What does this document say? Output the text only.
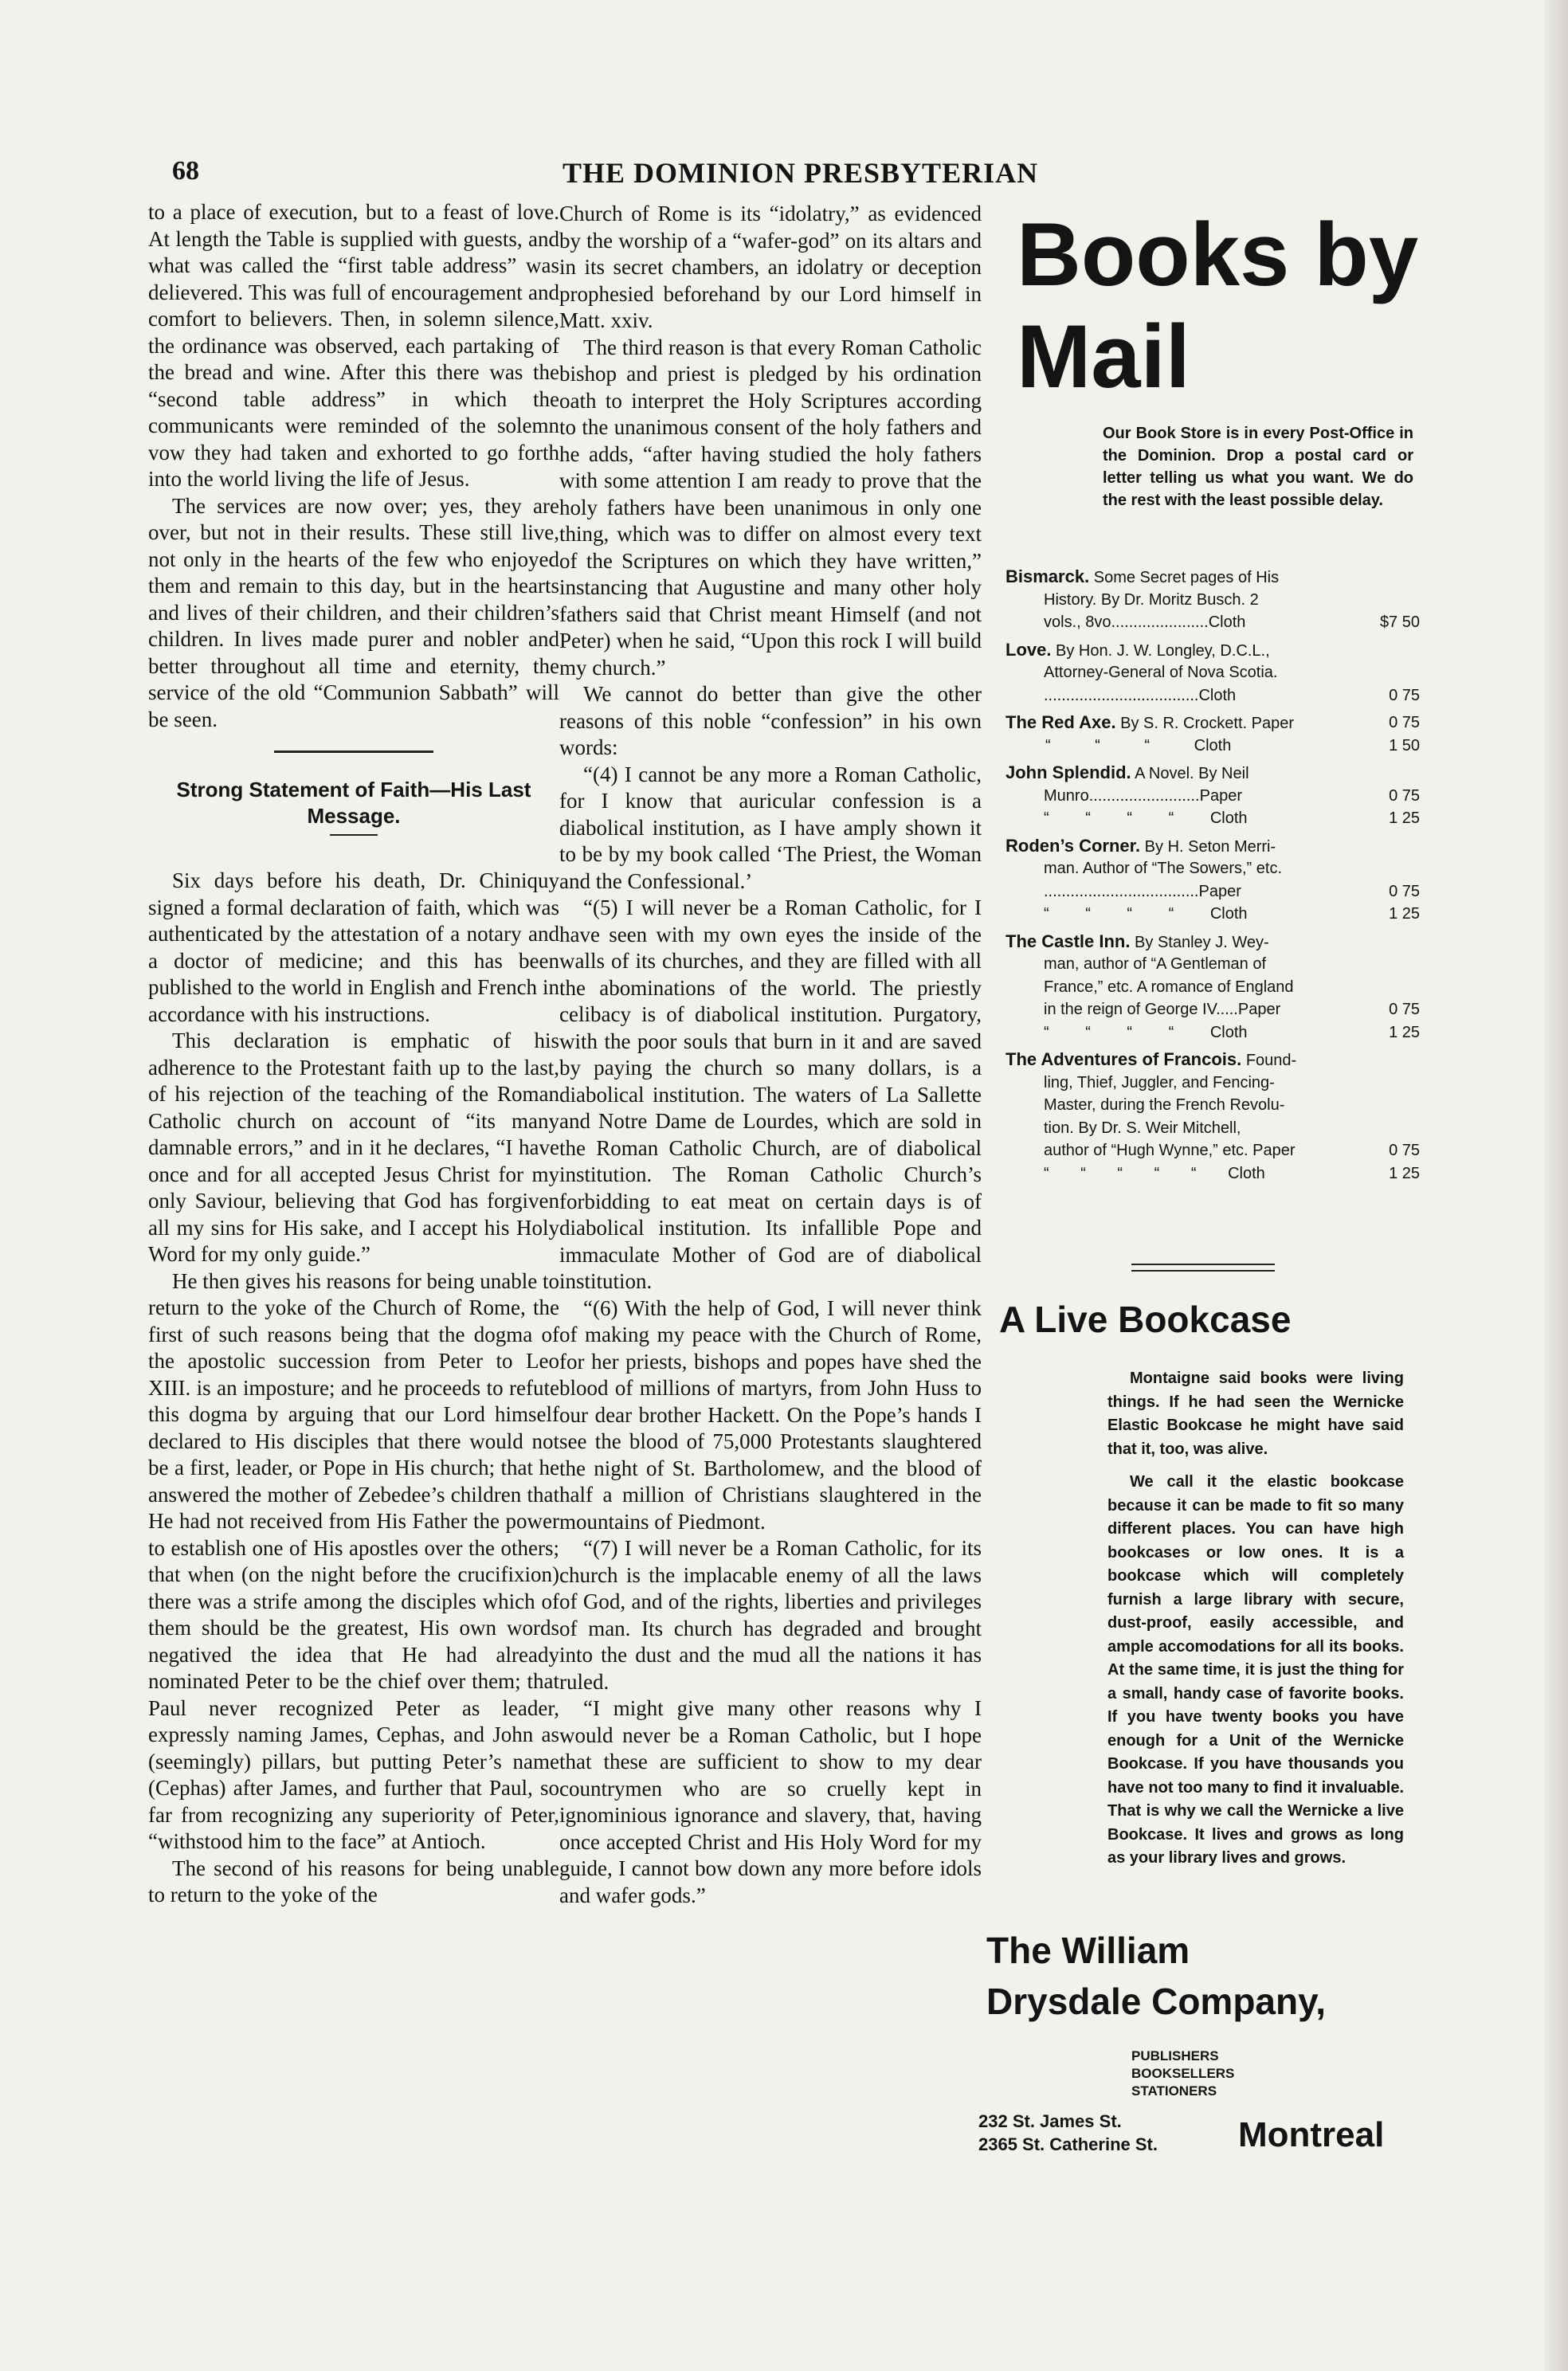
68	THE DOMINION PRESBYTERIAN

to a place of execution, but to a feast of love. At length the Table is supplied with guests, and what was called the “first table address” was delievered. This was full of encouragement and comfort to believers. Then, in solemn silence, the ordinance was observed, each partaking of the bread and wine. After this there was the “second table address” in which the communicants were reminded of the solemn vow they had taken and exhorted to go forth into the world living the life of Jesus.

The services are now over; yes, they are over, but not in their results. These still live, not only in the hearts of the few who enjoyed them and remain to this day, but in the hearts and lives of their children, and their children’s children. In lives made purer and nobler and better throughout all time and eternity, the service of the old “Communion Sabbath” will be seen.

Strong Statement of Faith—His Last
Message.

Six days before his death, Dr. Chiniquy signed a formal declaration of faith, which was authenticated by the attestation of a notary and a doctor of medicine; and this has been published to the world in English and French in accordance with his instructions.

This declaration is emphatic of his adherence to the Protestant faith up to the last, of his rejection of the teaching of the Roman Catholic church on account of “its many damnable errors,” and in it he declares, “I have once and for all accepted Jesus Christ for my only Saviour, believing that God has forgiven all my sins for His sake, and I accept his Holy Word for my only guide.”

He then gives his reasons for being unable to return to the yoke of the Church of Rome, the first of such reasons being that the dogma of the apostolic succession from Peter to Leo XIII. is an imposture; and he proceeds to refute this dogma by arguing that our Lord himself declared to His disciples that there would not be a first, leader, or Pope in His church; that he answered the mother of Zebedee’s children that He had not received from His Father the power to establish one of His apostles over the others; that when (on the night before the crucifixion) there was a strife among the disciples which of them should be the greatest, His own words negatived the idea that He had already nominated Peter to be the chief over them; that Paul never recognized Peter as leader, expressly naming James, Cephas, and John as (seemingly) pillars, but putting Peter’s name (Cephas) after James, and further that Paul, so far from recognizing any superiority of Peter, “withstood him to the face” at Antioch.

The second of his reasons for being unable to return to the yoke of the

Church of Rome is its “idolatry,” as evidenced by the worship of a “wafer-god” on its altars and in its secret chambers, an idolatry or deception prophesied beforehand by our Lord himself in Matt. xxiv.

The third reason is that every Roman Catholic bishop and priest is pledged by his ordination oath to interpret the Holy Scriptures according to the unanimous consent of the holy fathers and he adds, “after having studied the holy fathers with some attention I am ready to prove that the holy fathers have been unanimous in only one thing, which was to differ on almost every text of the Scriptures on which they have written,” instancing that Augustine and many other holy fathers said that Christ meant Himself (and not Peter) when he said, “Upon this rock I will build my church.”

We cannot do better than give the other reasons of this noble “confession” in his own words:

“(4) I cannot be any more a Roman Catholic, for I know that auricular confession is a diabolical institution, as I have amply shown it to be by my book called ‘The Priest, the Woman and the Confessional.’

“(5) I will never be a Roman Catholic, for I have seen with my own eyes the inside of the walls of its churches, and they are filled with all the abominations of the world. The priestly celibacy is of diabolical institution. Purgatory, with the poor souls that burn in it and are saved by paying the church so many dollars, is a diabolical institution. The waters of La Sallette and Notre Dame de Lourdes, which are sold in the Roman Catholic Church, are of diabolical institution. The Roman Catholic Church’s forbidding to eat meat on certain days is of diabolical institution. Its infallible Pope and immaculate Mother of God are of diabolical institution.

“(6) With the help of God, I will never think of making my peace with the Church of Rome, for her priests, bishops and popes have shed the blood of millions of martyrs, from John Huss to our dear brother Hackett. On the Pope’s hands I see the blood of 75,000 Protestants slaughtered the night of St. Bartholomew, and the blood of half a million of Christians slaughtered in the mountains of Piedmont.

“(7) I will never be a Roman Catholic, for its church is the implacable enemy of all the laws of God, and of the rights, liberties and privileges of man. Its church has degraded and brought into the dust and the mud all the nations it has ruled.

“I might give many other reasons why I would never be a Roman Catholic, but I hope that these are sufficient to show to my dear countrymen who are so cruelly kept in ignominious ignorance and slavery, that, having once accepted Christ and His Holy Word for my guide, I cannot bow down any more before idols and wafer gods.”

Books by
Mail
Our Book Store is in every Post-Office in the Dominion. Drop a postal card or letter telling us what you want. We do the rest with the least possible delay.
Bismarck. Some Secret pages of His
History. By Dr. Moritz Busch. 2
vols., 8vo......................Cloth	$7 50
Love. By Hon. J. W. Longley, D.C.L.,
Attorney-General of Nova Scotia.
...................................Cloth	0 75
The Red Axe. By S. R. Crockett. Paper	0 75
“ “ “ Cloth	1 50
John Splendid. A Novel. By Neil
Munro.........................Paper	0 75
“ “ “ “ Cloth	1 25
Roden’s Corner. By H. Seton Merri-
man. Author of “The Sowers,” etc.
...................................Paper	0 75
“ “ “ “ Cloth	1 25
The Castle Inn. By Stanley J. Wey-
man, author of “A Gentleman of
France,” etc. A romance of England
in the reign of George IV.....Paper	0 75
“ “ “ “ Cloth	1 25
The Adventures of Francois. Found-
ling, Thief, Juggler, and Fencing-
Master, during the French Revolu-
tion. By Dr. S. Weir Mitchell,
author of “Hugh Wynne,” etc. Paper	0 75
“ “ “ “ “ Cloth	1 25
A Live Bookcase

Montaigne said books were living things. If he had seen the Wernicke Elastic Bookcase he might have said that it, too, was alive.

We call it the elastic bookcase because it can be made to fit so many different places. You can have high bookcases or low ones. It is a bookcase which will completely furnish a large library with secure, dust-proof, easily accessible, and ample accomodations for all its books. At the same time, it is just the thing for a small, handy case of favorite books. If you have twenty books you have enough for a Unit of the Wernicke Bookcase. If you have thousands you have not too many to find it invaluable. That is why we call the Wernicke a live Bookcase. It lives and grows as long as your library lives and grows.

The William
Drysdale Company,
PUBLISHERS
BOOKSELLERS
STATIONERS
232 St. James St.
2365 St. Catherine St.	Montreal
